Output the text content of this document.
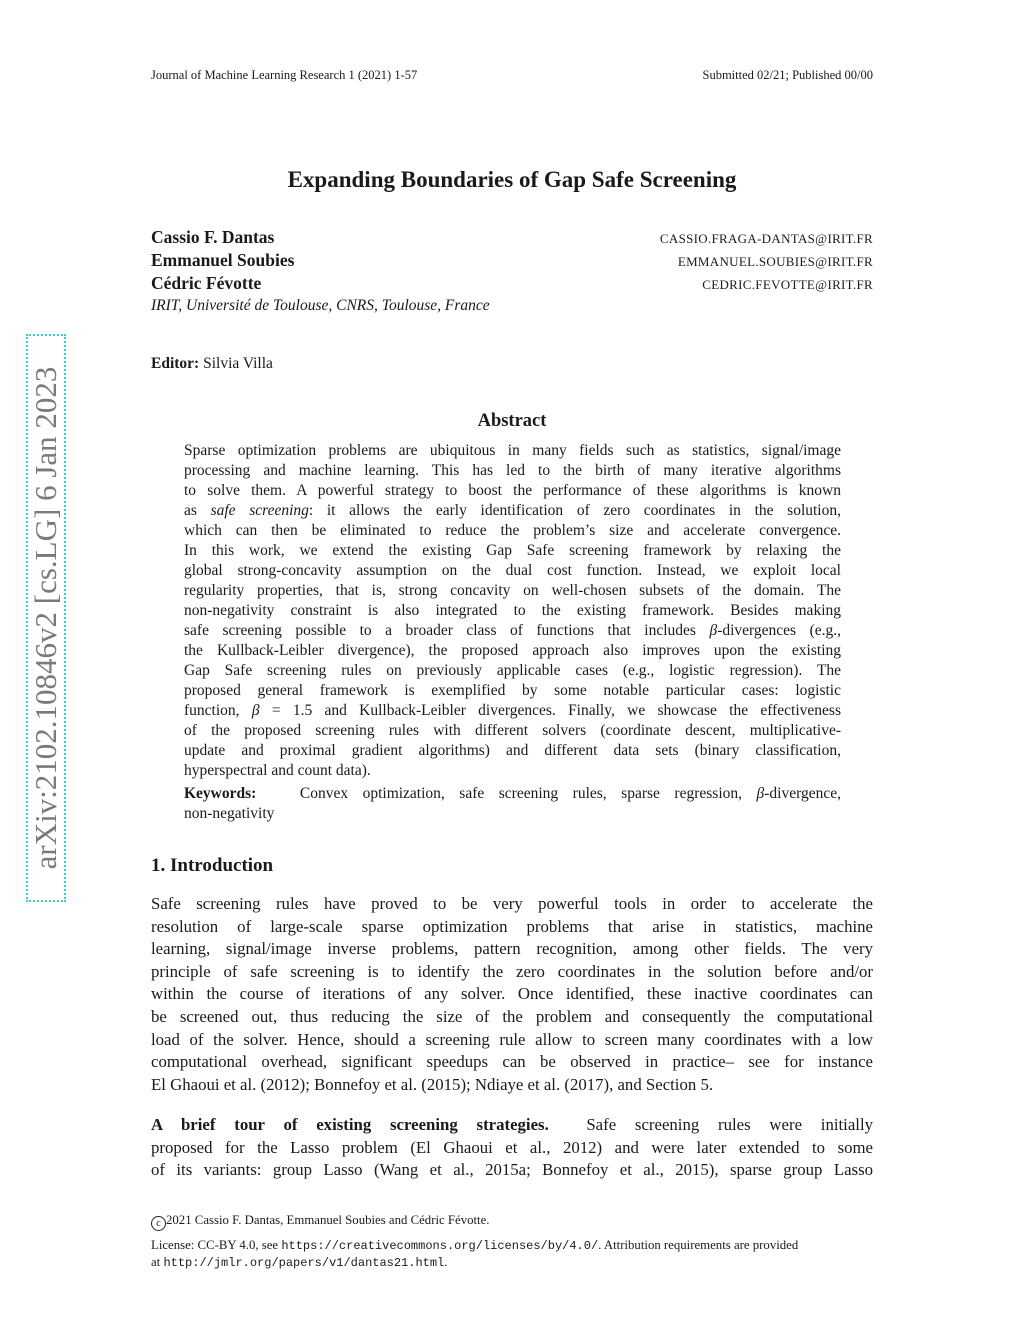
Journal of Machine Learning Research 1 (2021) 1-57	Submitted 02/21; Published 00/00
Expanding Boundaries of Gap Safe Screening
Cassio F. Dantas
Emmanuel Soubies
Cédric Févotte
CASSIO.FRAGA-DANTAS@IRIT.FR
EMMANUEL.SOUBIES@IRIT.FR
CEDRIC.FEVOTTE@IRIT.FR
IRIT, Université de Toulouse, CNRS, Toulouse, France
arXiv:2102.10846v2 [cs.LG] 6 Jan 2023
Editor: Silvia Villa
Abstract
Sparse optimization problems are ubiquitous in many fields such as statistics, signal/image
processing and machine learning. This has led to the birth of many iterative algorithms
to solve them. A powerful strategy to boost the performance of these algorithms is known
as safe screening: it allows the early identification of zero coordinates in the solution,
which can then be eliminated to reduce the problem’s size and accelerate convergence.
In this work, we extend the existing Gap Safe screening framework by relaxing the
global strong-concavity assumption on the dual cost function. Instead, we exploit local
regularity properties, that is, strong concavity on well-chosen subsets of the domain. The
non-negativity constraint is also integrated to the existing framework. Besides making
safe screening possible to a broader class of functions that includes β-divergences (e.g.,
the Kullback-Leibler divergence), the proposed approach also improves upon the existing
Gap Safe screening rules on previously applicable cases (e.g., logistic regression). The
proposed general framework is exemplified by some notable particular cases: logistic
function, β = 1.5 and Kullback-Leibler divergences. Finally, we showcase the effectiveness
of the proposed screening rules with different solvers (coordinate descent, multiplicative-
update and proximal gradient algorithms) and different data sets (binary classification,
hyperspectral and count data).
Keywords:   Convex optimization, safe screening rules, sparse regression, β-divergence,
non-negativity
1. Introduction
Safe screening rules have proved to be very powerful tools in order to accelerate the
resolution of large-scale sparse optimization problems that arise in statistics, machine
learning, signal/image inverse problems, pattern recognition, among other fields. The very
principle of safe screening is to identify the zero coordinates in the solution before and/or
within the course of iterations of any solver. Once identified, these inactive coordinates can
be screened out, thus reducing the size of the problem and consequently the computational
load of the solver. Hence, should a screening rule allow to screen many coordinates with a low
computational overhead, significant speedups can be observed in practice– see for instance
El Ghaoui et al. (2012); Bonnefoy et al. (2015); Ndiaye et al. (2017), and Section 5.
A brief tour of existing screening strategies.  Safe screening rules were initially
proposed for the Lasso problem (El Ghaoui et al., 2012) and were later extended to some
of its variants: group Lasso (Wang et al., 2015a; Bonnefoy et al., 2015), sparse group Lasso
c 2021 Cassio F. Dantas, Emmanuel Soubies and Cédric Févotte.
License: CC-BY 4.0, see https://creativecommons.org/licenses/by/4.0/. Attribution requirements are provided
at http://jmlr.org/papers/v1/dantas21.html.
